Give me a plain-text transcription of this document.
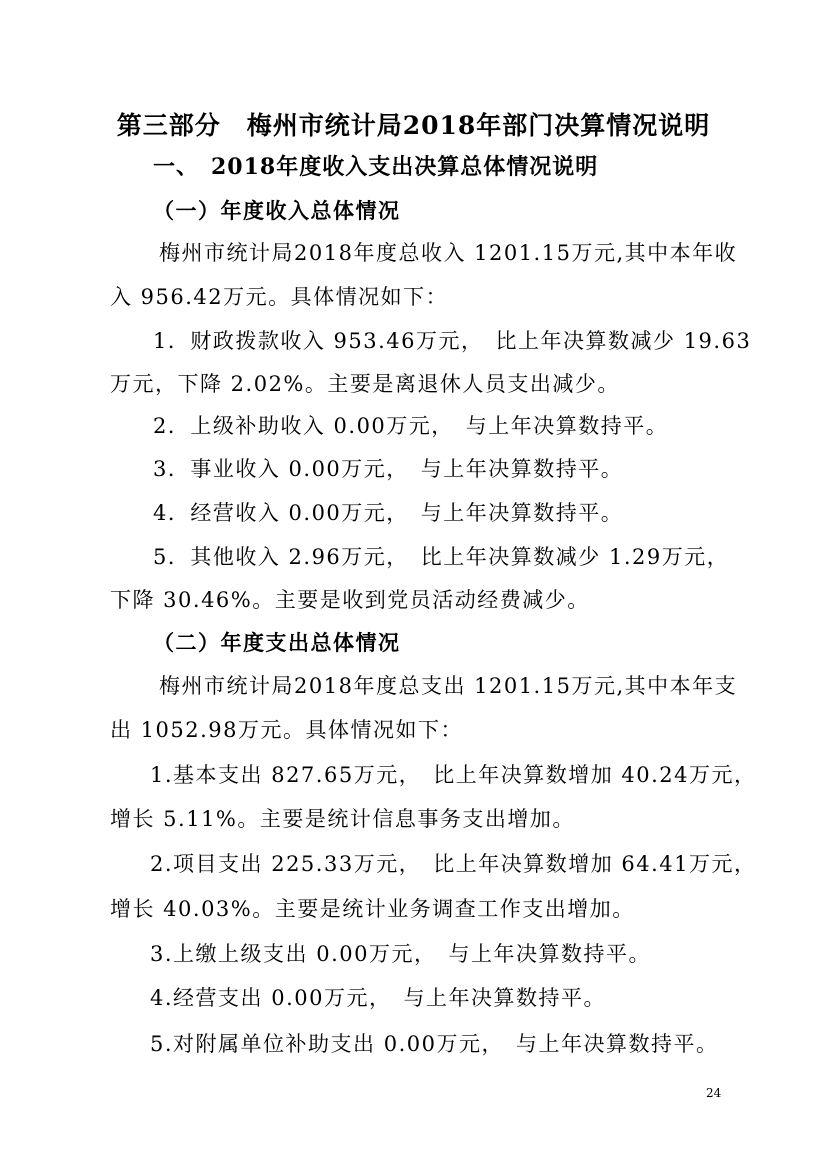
第三部分　梅州市统计局2018年部门决算情况说明
一、　2018年度收入支出决算总体情况说明
（一）年度收入总体情况
梅州市统计局2018年度总收入 1201.15万元,其中本年收
入 956.42万元。具体情况如下：
1．财政拨款收入 953.46万元，　比上年决算数减少 19.63
万元，下降 2.02%。主要是离退休人员支出减少。
2．上级补助收入 0.00万元，　与上年决算数持平。
3．事业收入 0.00万元，　与上年决算数持平。
4．经营收入 0.00万元，　与上年决算数持平。
5．其他收入 2.96万元，　比上年决算数减少 1.29万元，
下降 30.46%。主要是收到党员活动经费减少。
（二）年度支出总体情况
梅州市统计局2018年度总支出 1201.15万元,其中本年支
出 1052.98万元。具体情况如下：
1.基本支出 827.65万元，　比上年决算数增加 40.24万元，
增长 5.11%。主要是统计信息事务支出增加。
2.项目支出 225.33万元，　比上年决算数增加 64.41万元，
增长 40.03%。主要是统计业务调查工作支出增加。
3.上缴上级支出 0.00万元，　与上年决算数持平。
4.经营支出 0.00万元，　与上年决算数持平。
5.对附属单位补助支出 0.00万元，　与上年决算数持平。
24
